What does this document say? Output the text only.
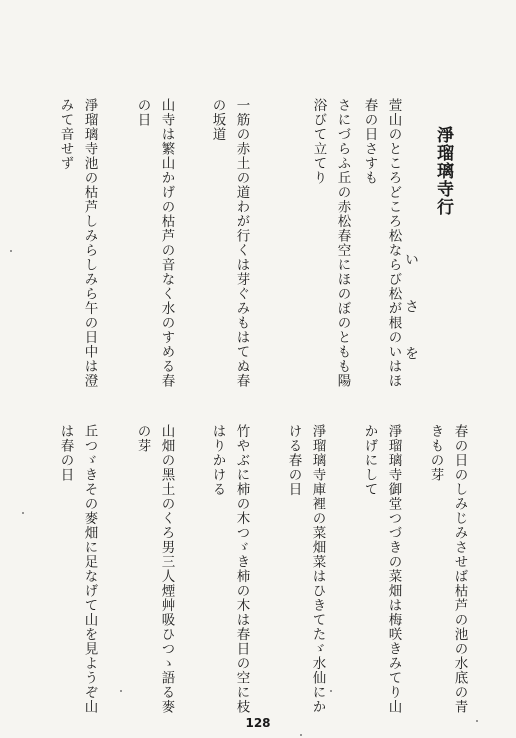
淨瑠璃寺行
いさを
萱山のところどころ松ならび松が根のいはほ
春の日さすも
さにづらふ丘の赤松春空にほのぼのともも陽
浴びて立てり
一筋の赤土の道わが行くは芽ぐみもはてぬ春
の坂道
山寺は繁山かげの枯芦の音なく水のすめる春
の日
淨瑠璃寺池の枯芦しみらしみら午の日中は澄
みて音せず
春の日のしみじみさせば枯芦の池の水底の青
きもの芽
淨瑠璃寺御堂つづきの菜畑は梅咲きみてり山
かげにして
淨瑠璃寺庫裡の菜畑菜はひきてたゞ水仙にか
ける春の日
竹やぶに柿の木つゞき柿の木は春日の空に枝
はりかける
山畑の黑土のくろ男三人煙艸吸ひつゝ語る麥
の芽
丘つゞきその麥畑に足なげて山を見ようぞ山
は春の日
128
